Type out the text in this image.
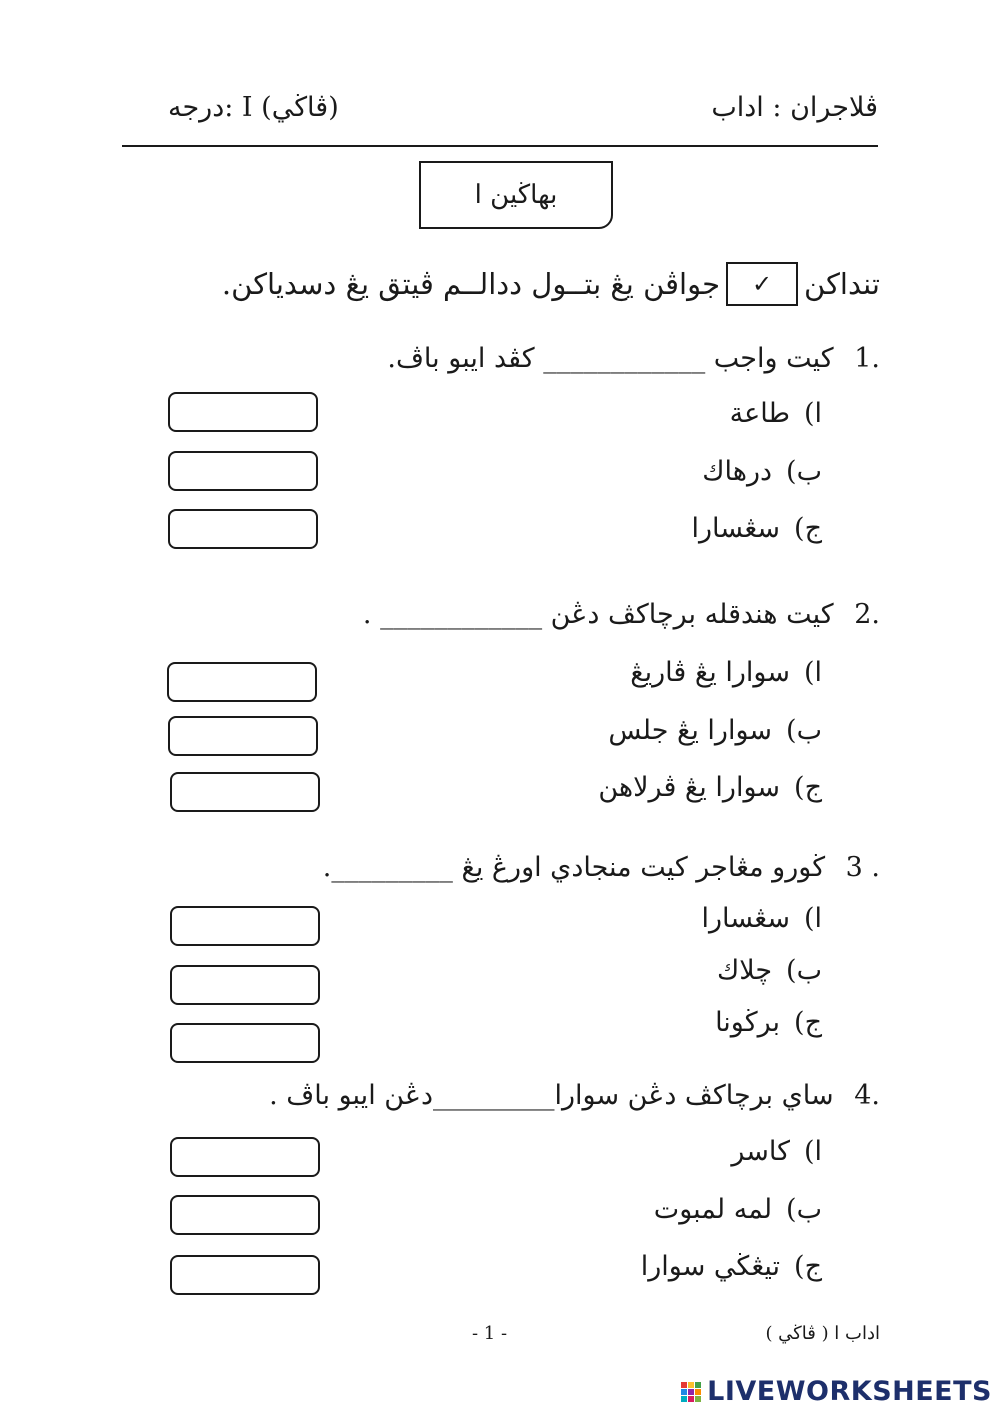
درجه: I (ڤاڬي)	ڤلاجران : اداب
بهاڬين ا
تنداكن
✓
جواڤن يڠ بتــول ددالــم ڤيتق يڠ دسدياكن.
1. كيت واجب ____________ كڤد ايبو باڤ.
ا)طاعة
ب)درهاك
ج)سڠسارا
2. كيت هندقله برچاكڤ دڠن ____________ .
ا)سوارا يڠ ڤاريڠ
ب)سوارا يڠ جلس
ج)سوارا يڠ ڤرلاهن
3 . ڬورو مڠاجر كيت منجادي اورڠ يڠ _________.
ا)سڠسارا
ب)چلاك
ج)برڬونا
4. ساي برچاكڤ دڠن سوارا_________دڠن ايبو باڤ .
ا)كاسر
ب)لمه لمبوت
ج)تيڠڬي سوارا
- 1 -	اداب ا ( ڤاڬي )
LIVEWORKSHEETS
